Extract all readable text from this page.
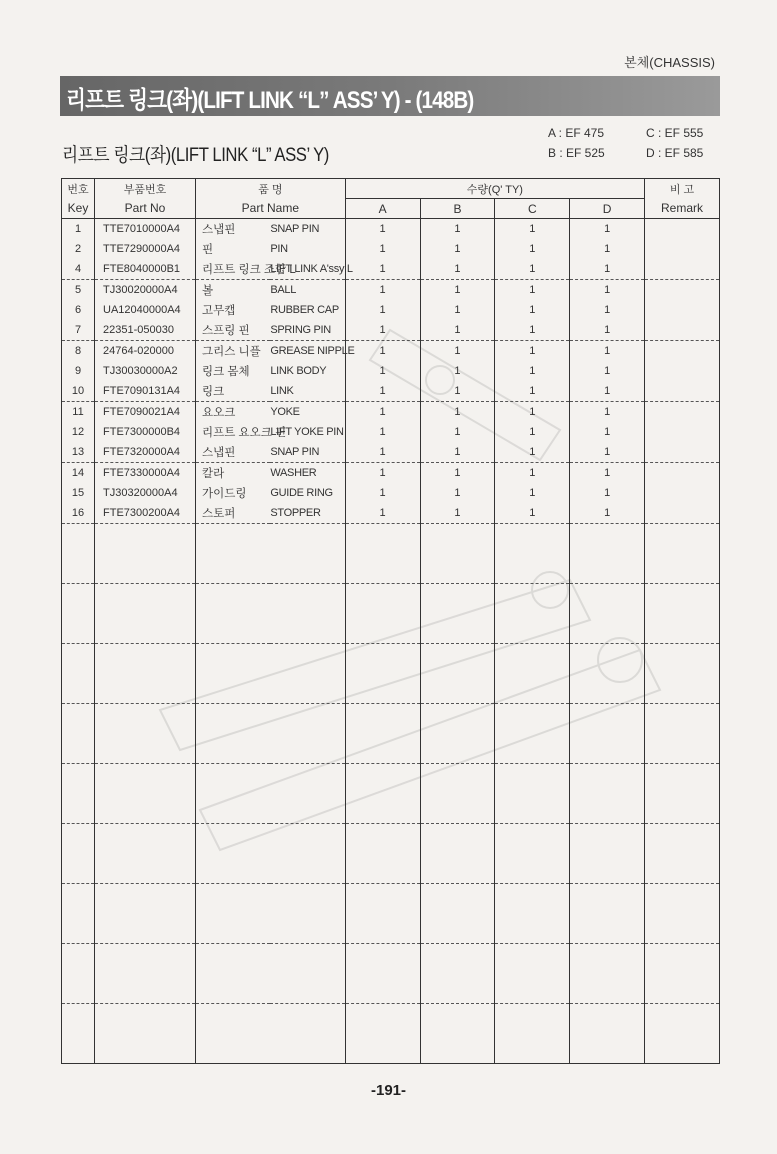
본체(CHASSIS)
리프트 링크(좌)(LIFT LINK “L” ASS’ Y) - (148B)
리프트 링크(좌)(LIFT LINK “L” ASS’ Y)
A : EF 475	C : EF 555
B : EF 525	D : EF 585
번호	부품번호	품 명		수량(Q' TY)				비 고
Key	Part No	Part Name		A	B	C	D	Remark
1	TTE7010000A4	스냅핀	SNAP PIN	1	1	1	1	
2	TTE7290000A4	핀	PIN	1	1	1	1	
4	FTE8040000B1	리프트 링크 조합 L	LIFT LINK A'ssy L	1	1	1	1	
5	TJ30020000A4	볼	BALL	1	1	1	1	
6	UA12040000A4	고무캡	RUBBER CAP	1	1	1	1	
7	22351-050030	스프링 핀	SPRING PIN	1	1	1	1	
8	24764-020000	그리스 니플	GREASE NIPPLE	1	1	1	1	
9	TJ30030000A2	링크 몸체	LINK BODY	1	1	1	1	
10	FTE7090131A4	링크	LINK	1	1	1	1	
11	FTE7090021A4	요오크	YOKE	1	1	1	1	
12	FTE7300000B4	리프트 요오크 핀	LIFT YOKE PIN	1	1	1	1	
13	FTE7320000A4	스냅핀	SNAP PIN	1	1	1	1	
14	FTE7330000A4	칼라	WASHER	1	1	1	1	
15	TJ30320000A4	가이드링	GUIDE RING	1	1	1	1	
16	FTE7300200A4	스토퍼	STOPPER	1	1	1	1	

-191-
